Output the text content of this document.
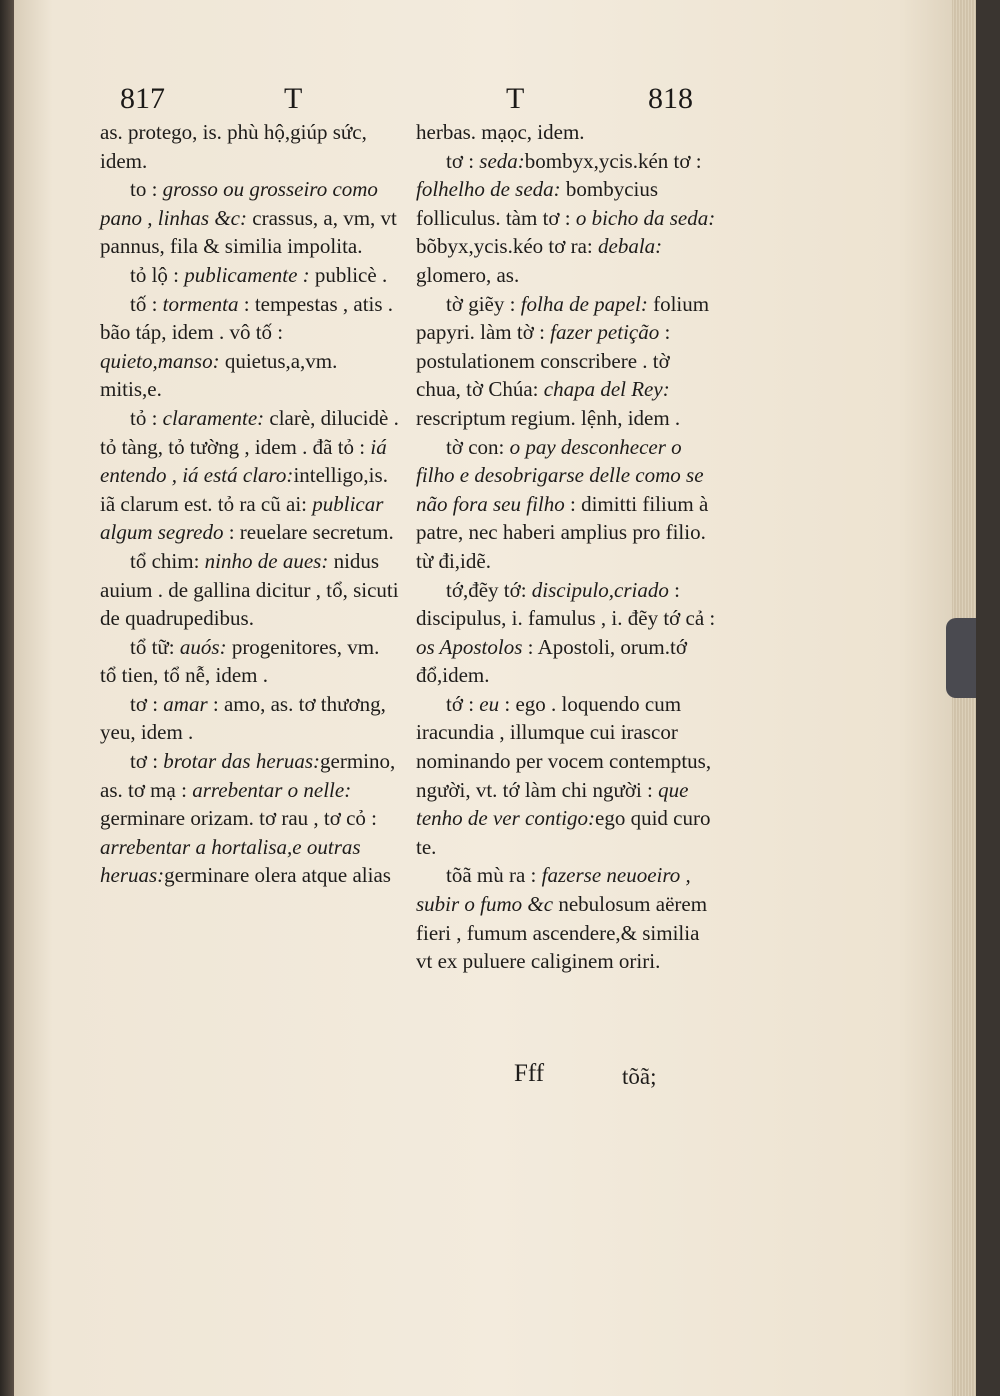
817	T	T	818

as. protego, is. phù hộ,giúp sức, idem.

to : grosso ou grosseiro como pano , linhas &c: crassus, a, vm, vt pannus, fila & similia impolita.

tỏ lộ : publicamente : publicè .

tố : tormenta : tempestas , atis . bão táp, idem . vô tố : quieto,manso: quietus,a,vm. mitis,e.

tỏ : claramente: clarè, dilucidè . tỏ tàng, tỏ tường , idem . đã tỏ : iá entendo , iá está claro:intelligo,is. iã clarum est. tỏ ra cũ ai: publicar algum segredo : reuelare secretum.

tổ chim: ninho de aues: nidus auium . de gallina dicitur , tổ, sicuti de quadrupedibus.

tổ tữ: auós: progenitores, vm. tổ tien, tổ nễ, idem .

tơ : amar : amo, as. tơ thương, yeu, idem .

tơ : brotar das heruas:germino, as. tơ mạ : arrebentar o nelle: germinare orizam. tơ rau , tơ cỏ : arrebentar a hortalisa,e outras heruas:germinare olera atque alias

herbas. mạọc, idem.

tơ : seda:bombyx,ycis.kén tơ : folhelho de seda: bombycius folliculus. tàm tơ : o bicho da seda: bõbyx,ycis.kéo tơ ra: debala: glomero, as.

tờ giẽy : folha de papel: folium papyri. làm tờ : fazer petição : postulationem conscribere . tờ chua, tờ Chúa: chapa del Rey: rescriptum regium. lệnh, idem .

tờ con: o pay desconhecer o filho e desobrigarse delle como se não fora seu filho : dimitti filium à patre, nec haberi amplius pro filio. từ đi,idẽ.

tớ,đẽy tớ: discipulo,criado : discipulus, i. famulus , i. đẽy tớ cả : os Apostolos : Apostoli, orum.tớ đổ,idem.

tớ : eu : ego . loquendo cum iracundia , illumque cui irascor nominando per vocem contemptus, người, vt. tớ làm chi người : que tenho de ver contigo:ego quid curo te.

tõã mù ra : fazerse neuoeiro , subir o fumo &c nebulosum aërem fieri , fumum ascendere,& similia vt ex puluere caliginem oriri.

Fff	tõã;
